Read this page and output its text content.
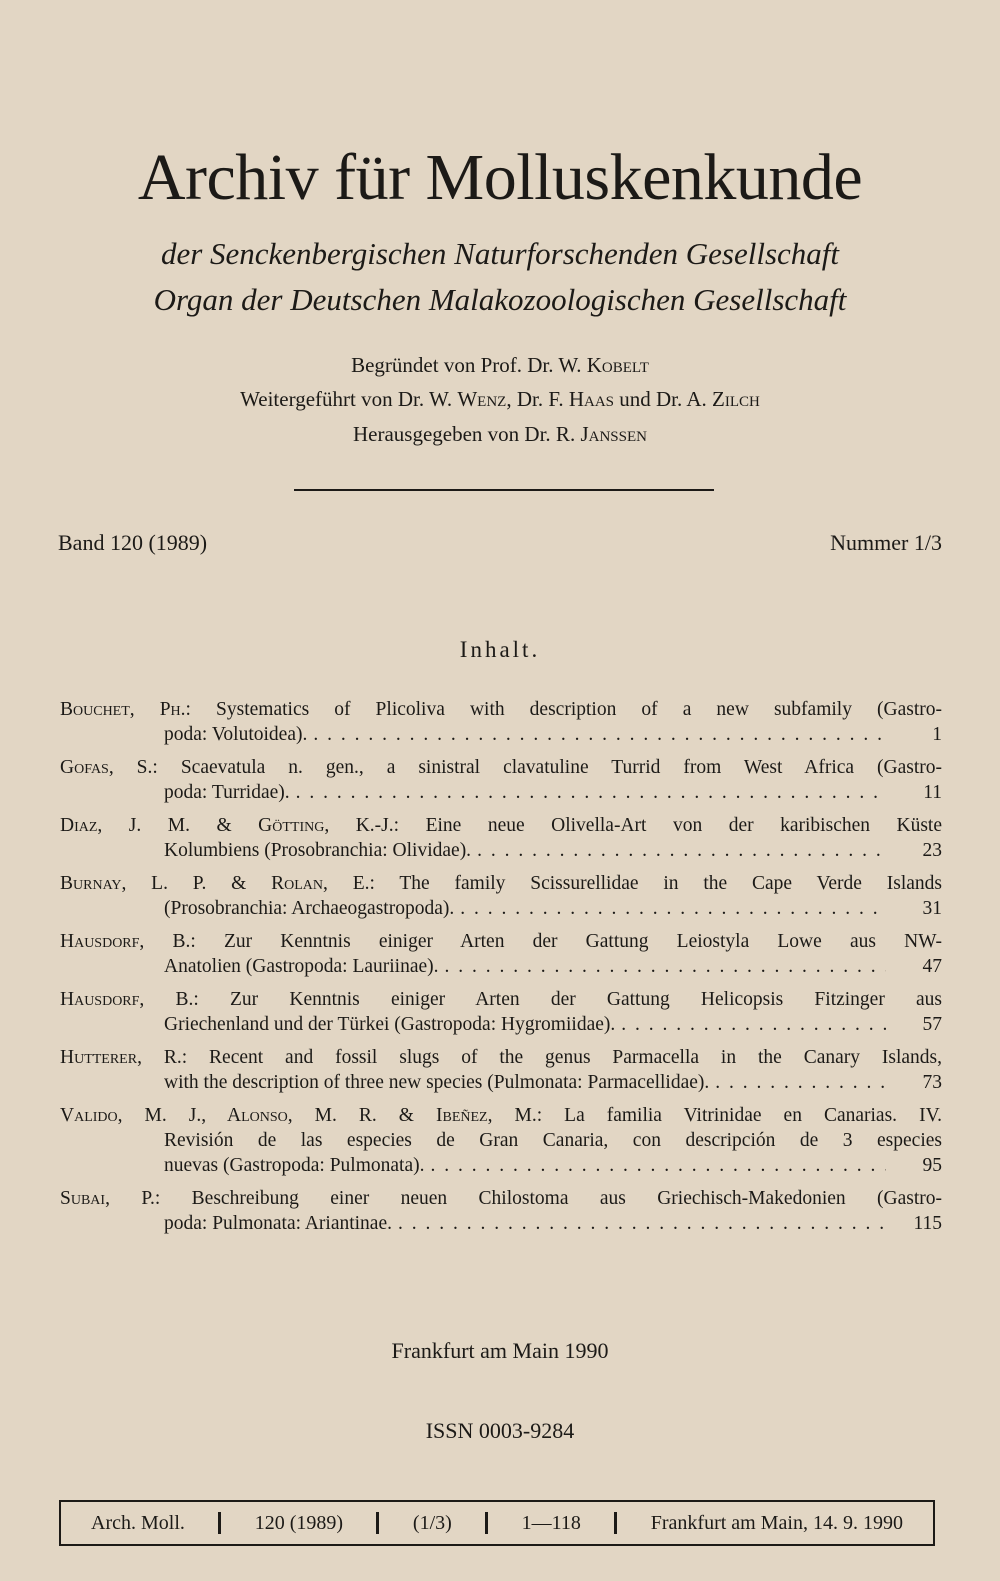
Archiv für Molluskenkunde
der Senckenbergischen Naturforschenden Gesellschaft
Organ der Deutschen Malakozoologischen Gesellschaft
Begründet von Prof. Dr. W. Kobelt
Weitergeführt von Dr. W. Wenz, Dr. F. Haas und Dr. A. Zilch
Herausgegeben von Dr. R. Janssen
Band 120 (1989)	Nummer 1/3
Inhalt.
Bouchet, Ph.: Systematics of Plicoliva with description of a new subfamily (Gastro-
poda: Volutoidea). . . .	1
Gofas, S.: Scaevatula n. gen., a sinistral clavatuline Turrid from West Africa (Gastro-
poda: Turridae). . . .	11
Diaz, J. M. & Götting, K.-J.: Eine neue Olivella-Art von der karibischen Küste
Kolumbiens (Prosobranchia: Olividae). . . .	23
Burnay, L. P. & Rolan, E.: The family Scissurellidae in the Cape Verde Islands
(Prosobranchia: Archaeogastropoda). . . .	31
Hausdorf, B.: Zur Kenntnis einiger Arten der Gattung Leiostyla Lowe aus NW-
Anatolien (Gastropoda: Lauriinae). . . .	47
Hausdorf, B.: Zur Kenntnis einiger Arten der Gattung Helicopsis Fitzinger aus
Griechenland und der Türkei (Gastropoda: Hygromiidae). . . .	57
Hutterer, R.: Recent and fossil slugs of the genus Parmacella in the Canary Islands,
with the description of three new species (Pulmonata: Parmacellidae). . . .	73
Valido, M. J., Alonso, M. R. & Ibeñez, M.: La familia Vitrinidae en Canarias. IV.
Revisión de las especies de Gran Canaria, con descripción de 3 especies
nuevas (Gastropoda: Pulmonata). . . .	95
Subai, P.: Beschreibung einer neuen Chilostoma aus Griechisch-Makedonien (Gastro-
poda: Pulmonata: Ariantinae. . . .	115
Frankfurt am Main 1990
ISSN 0003-9284
Arch. Moll.	120 (1989)	(1/3)	1—118	Frankfurt am Main, 14. 9. 1990
